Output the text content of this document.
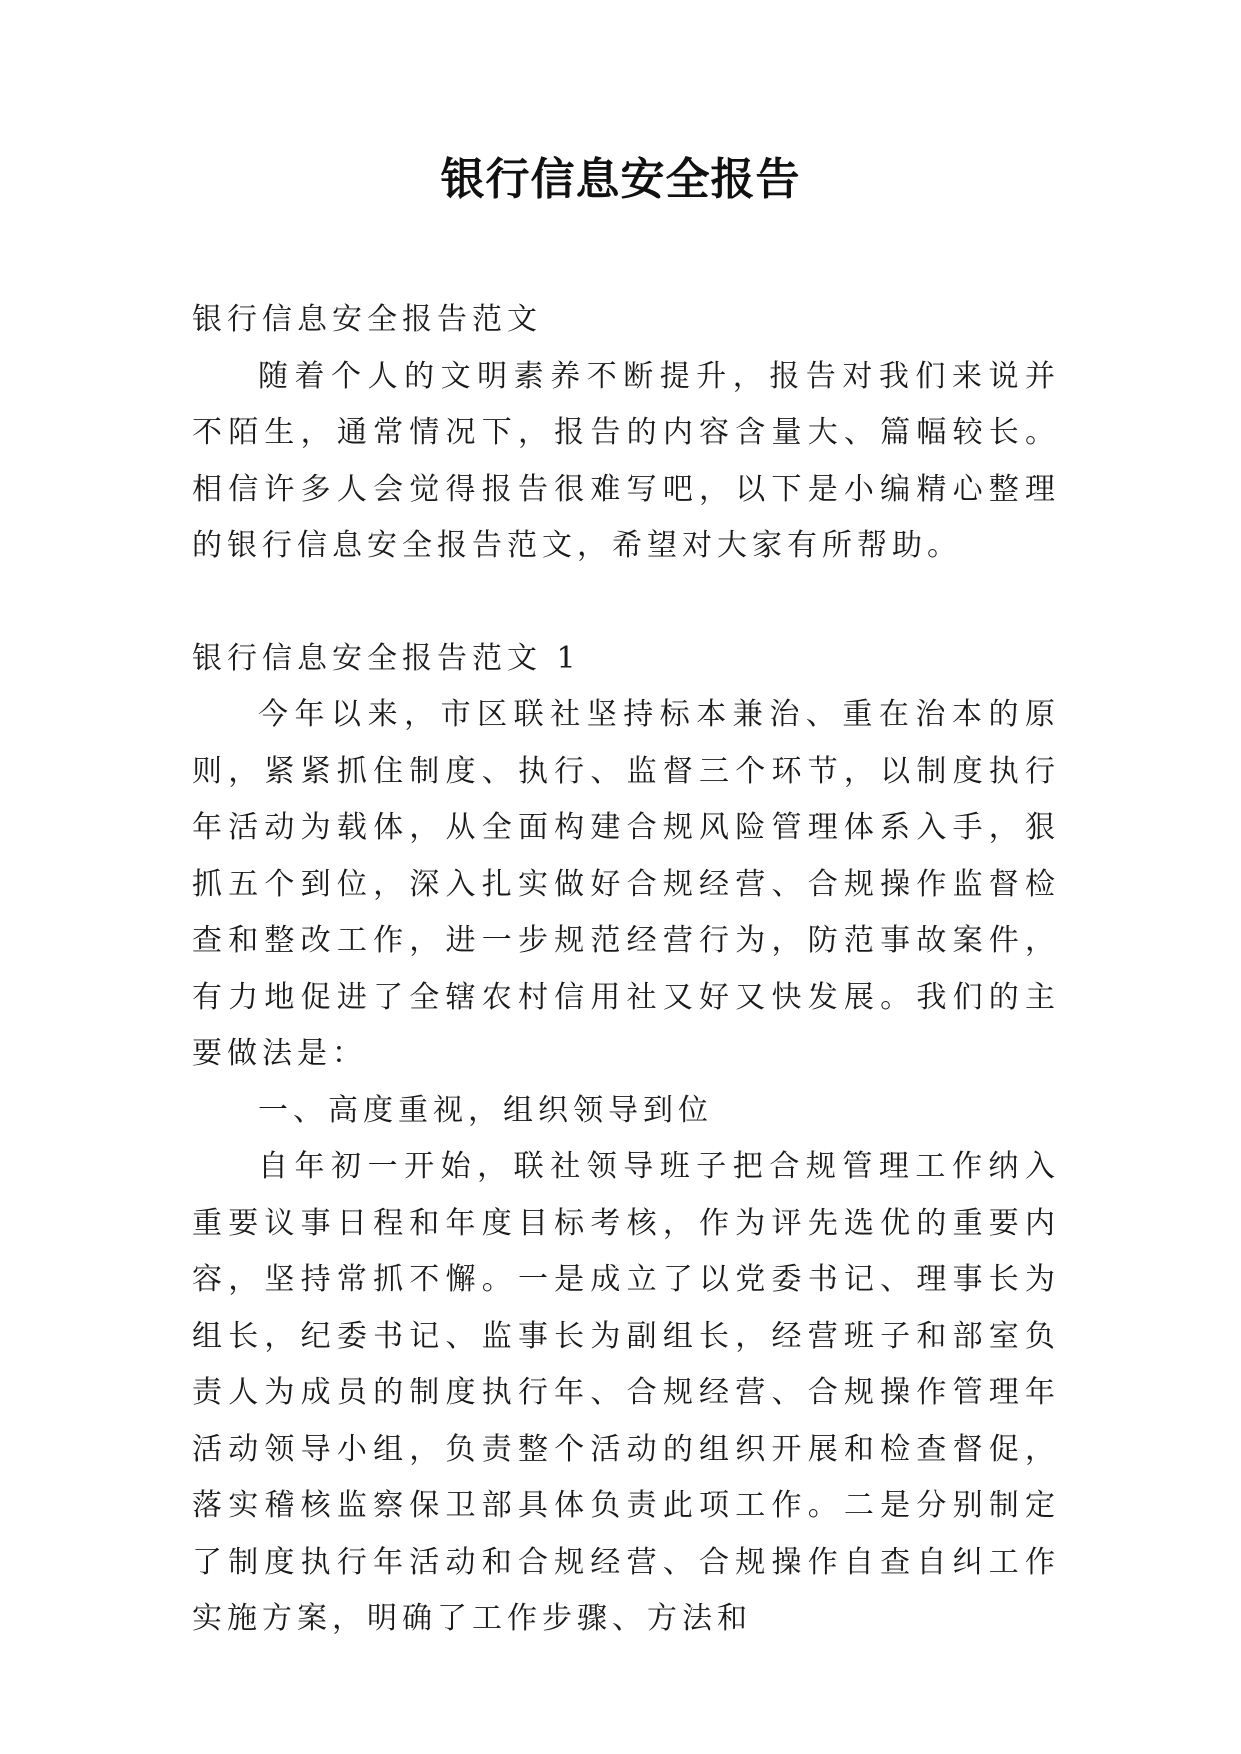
银行信息安全报告

银行信息安全报告范文

随着个人的文明素养不断提升，报告对我们来说并不陌生，通常情况下，报告的内容含量大、篇幅较长。相信许多人会觉得报告很难写吧，以下是小编精心整理的银行信息安全报告范文，希望对大家有所帮助。

银行信息安全报告范文 1

今年以来，市区联社坚持标本兼治、重在治本的原则，紧紧抓住制度、执行、监督三个环节，以制度执行年活动为载体，从全面构建合规风险管理体系入手，狠抓五个到位，深入扎实做好合规经营、合规操作监督检查和整改工作，进一步规范经营行为，防范事故案件，有力地促进了全辖农村信用社又好又快发展。我们的主要做法是：

一、高度重视，组织领导到位

自年初一开始，联社领导班子把合规管理工作纳入重要议事日程和年度目标考核，作为评先选优的重要内容，坚持常抓不懈。一是成立了以党委书记、理事长为组长，纪委书记、监事长为副组长，经营班子和部室负责人为成员的制度执行年、合规经营、合规操作管理年活动领导小组，负责整个活动的组织开展和检查督促，落实稽核监察保卫部具体负责此项工作。二是分别制定了制度执行年活动和合规经营、合规操作自查自纠工作实施方案，明确了工作步骤、方法和
